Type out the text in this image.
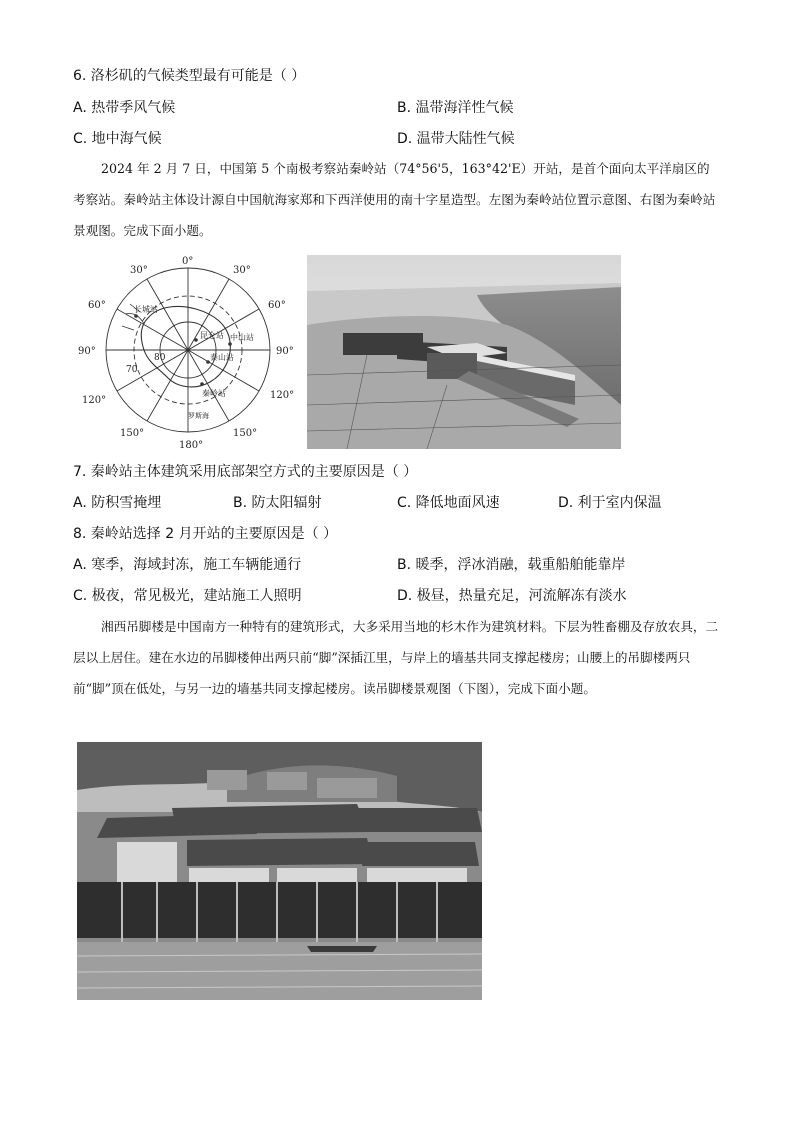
6. 洛杉矶的气候类型最有可能是（ ）
A. 热带季风气候	B. 温带海洋性气候
C. 地中海气候	D. 温带大陆性气候
2024 年 2 月 7 日，中国第 5 个南极考察站秦岭站（74°56'5，163°42'E）开站，是首个面向太平洋扇区的考察站。秦岭站主体设计源自中国航海家郑和下西洋使用的南十字星造型。左图为秦岭站位置示意图、右图为秦岭站景观图。完成下面小题。
30°
0°
30°
60°	60°
90°	90°
120°	120°
150°
180°
150°
80
70
长城站
昆仑站 中山站
泰山站
秦岭站
罗斯海
7. 秦岭站主体建筑采用底部架空方式的主要原因是（ ）
A. 防积雪掩埋	B. 防太阳辐射	C. 降低地面风速	D. 利于室内保温
8. 秦岭站选择 2 月开站的主要原因是（ ）
A. 寒季，海域封冻，施工车辆能通行	B. 暖季，浮冰消融，载重船舶能靠岸
C. 极夜，常见极光，建站施工人照明	D. 极昼，热量充足，河流解冻有淡水
湘西吊脚楼是中国南方一种特有的建筑形式，大多采用当地的杉木作为建筑材料。下层为牲畜棚及存放农具，二层以上居住。建在水边的吊脚楼伸出两只前“脚”深插江里，与岸上的墙基共同支撑起楼房；山腰上的吊脚楼两只前“脚”顶在低处，与另一边的墙基共同支撑起楼房。读吊脚楼景观图（下图），完成下面小题。
